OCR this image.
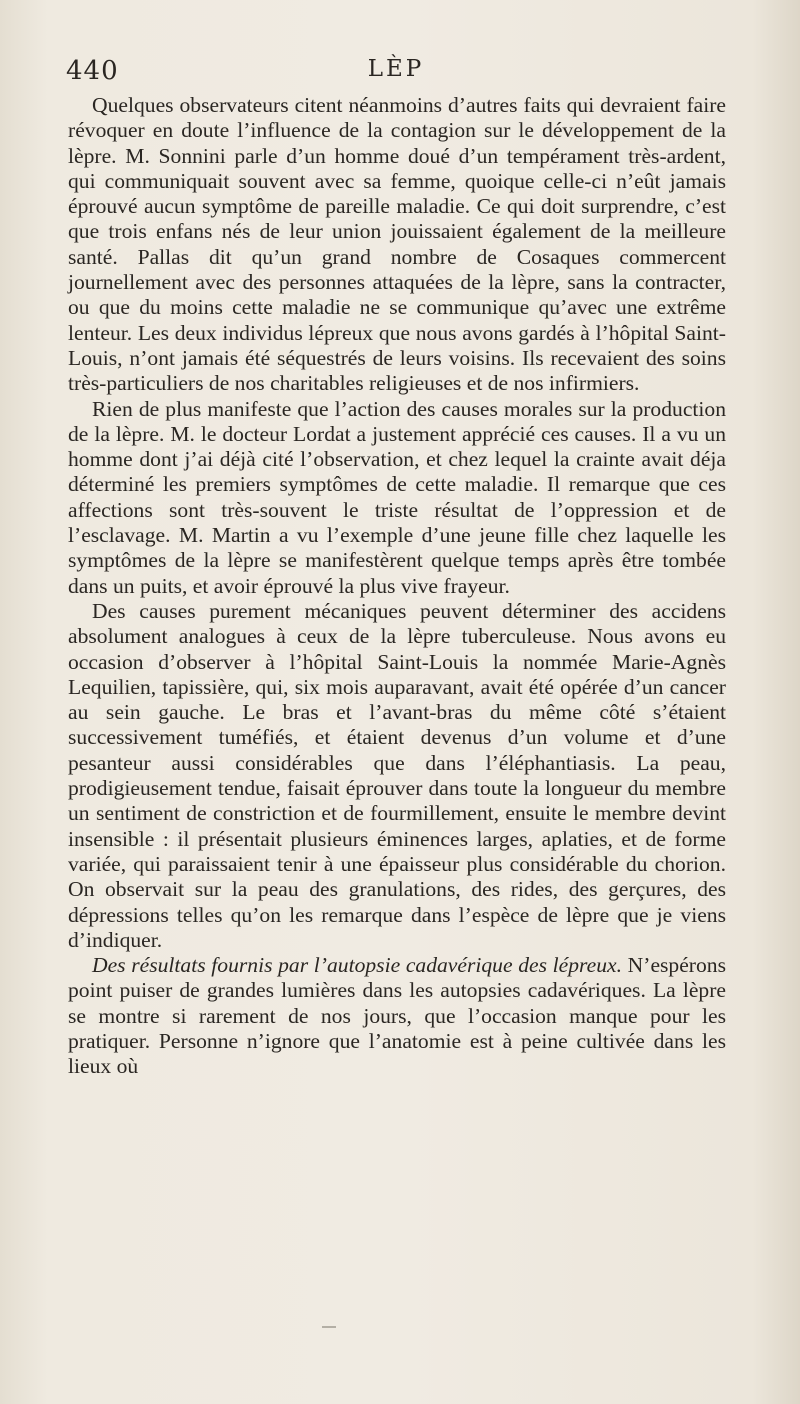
440	LÈP

Quelques observateurs citent néanmoins d’autres faits qui devraient faire révoquer en doute l’influence de la contagion sur le développement de la lèpre. M. Sonnini parle d’un homme doué d’un tempérament très-ardent, qui communiquait souvent avec sa femme, quoique celle-ci n’eût jamais éprouvé aucun symptôme de pareille maladie. Ce qui doit surprendre, c’est que trois enfans nés de leur union jouissaient également de la meilleure santé. Pallas dit qu’un grand nombre de Cosaques commercent journellement avec des personnes attaquées de la lèpre, sans la contracter, ou que du moins cette maladie ne se communique qu’avec une extrême lenteur. Les deux individus lépreux que nous avons gardés à l’hôpital Saint-Louis, n’ont jamais été séquestrés de leurs voisins. Ils recevaient des soins très-particuliers de nos charitables religieuses et de nos infirmiers.

Rien de plus manifeste que l’action des causes morales sur la production de la lèpre. M. le docteur Lordat a justement apprécié ces causes. Il a vu un homme dont j’ai déjà cité l’observation, et chez lequel la crainte avait déja déterminé les premiers symptômes de cette maladie. Il remarque que ces affections sont très-souvent le triste résultat de l’oppression et de l’esclavage. M. Martin a vu l’exemple d’une jeune fille chez laquelle les symptômes de la lèpre se manifestèrent quelque temps après être tombée dans un puits, et avoir éprouvé la plus vive frayeur.

Des causes purement mécaniques peuvent déterminer des accidens absolument analogues à ceux de la lèpre tuberculeuse. Nous avons eu occasion d’observer à l’hôpital Saint-Louis la nommée Marie-Agnès Lequilien, tapissière, qui, six mois auparavant, avait été opérée d’un cancer au sein gauche. Le bras et l’avant-bras du même côté s’étaient successivement tuméfiés, et étaient devenus d’un volume et d’une pesanteur aussi considérables que dans l’éléphantiasis. La peau, prodigieusement tendue, faisait éprouver dans toute la longueur du membre un sentiment de constriction et de fourmillement, ensuite le membre devint insensible : il présentait plusieurs éminences larges, aplaties, et de forme variée, qui paraissaient tenir à une épaisseur plus considérable du chorion. On observait sur la peau des granulations, des rides, des gerçures, des dépressions telles qu’on les remarque dans l’espèce de lèpre que je viens d’indiquer.

Des résultats fournis par l’autopsie cadavérique des lépreux. N’espérons point puiser de grandes lumières dans les autopsies cadavériques. La lèpre se montre si rarement de nos jours, que l’occasion manque pour les pratiquer. Personne n’ignore que l’anatomie est à peine cultivée dans les lieux où
